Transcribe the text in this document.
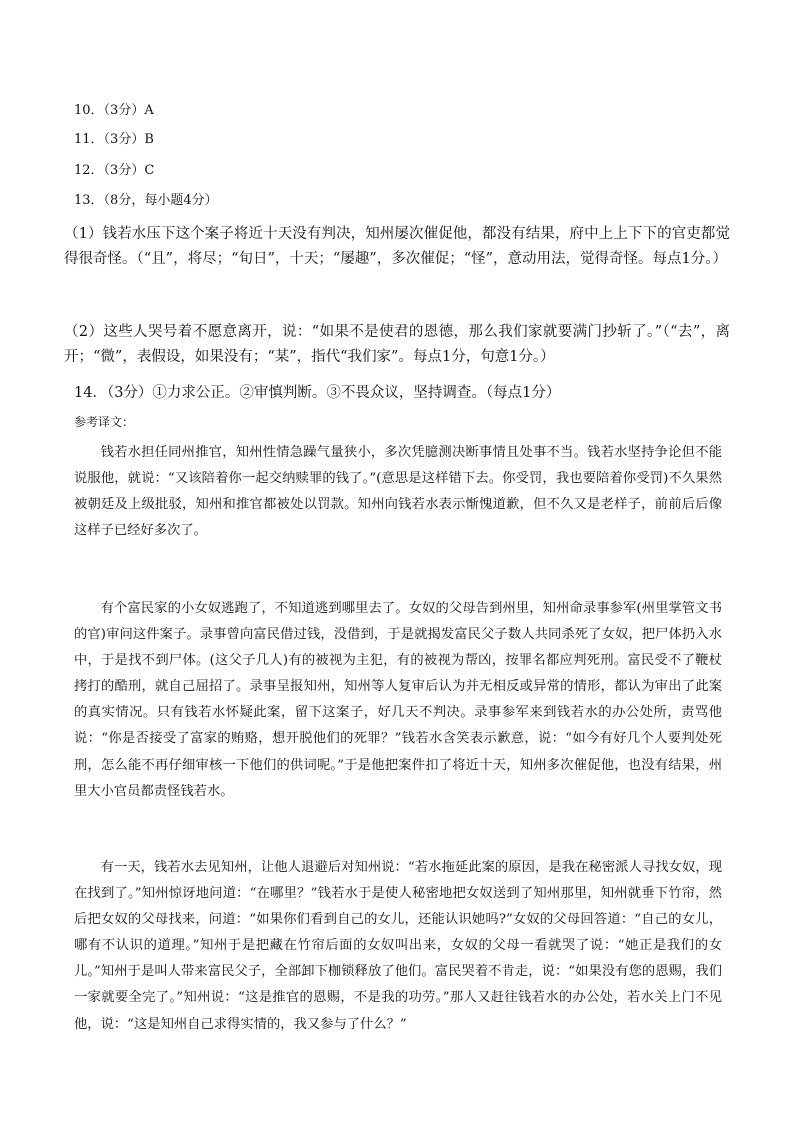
10．（3分）A
11．（3分）B
12．（3分）C
13．（8分，每小题4分）

（1）钱若水压下这个案子将近十天没有判决，知州屡次催促他，都没有结果，府中上上下下的官吏都觉得很奇怪。（“且”，将尽；“旬日”，十天；“屡趣”，多次催促；“怪”，意动用法，觉得奇怪。每点1分。）

（2）这些人哭号着不愿意离开，说：“如果不是使君的恩德，那么我们家就要满门抄斩了。”（“去”，离开；“微”，表假设，如果没有；“某”，指代“我们家”。每点1分，句意1分。）

14．（3分）①力求公正。②审慎判断。③不畏众议，坚持调查。（每点1分）
参考译文：

钱若水担任同州推官，知州性情急躁气量狭小，多次凭臆测决断事情且处事不当。钱若水坚持争论但不能说服他，就说：“又该陪着你一起交纳赎罪的钱了。”(意思是这样错下去。你受罚，我也要陪着你受罚)不久果然被朝廷及上级批驳，知州和推官都被处以罚款。知州向钱若水表示惭愧道歉，但不久又是老样子，前前后后像这样子已经好多次了。

有个富民家的小女奴逃跑了，不知道逃到哪里去了。女奴的父母告到州里，知州命录事参军(州里掌管文书的官)审问这件案子。录事曾向富民借过钱，没借到，于是就揭发富民父子数人共同杀死了女奴，把尸体扔入水中，于是找不到尸体。(这父子几人)有的被视为主犯，有的被视为帮凶，按罪名都应判死刑。富民受不了鞭杖拷打的酷刑，就自己屈招了。录事呈报知州，知州等人复审后认为并无相反或异常的情形，都认为审出了此案的真实情况。只有钱若水怀疑此案，留下这案子，好几天不判决。录事参军来到钱若水的办公处所，责骂他说：“你是否接受了富家的贿赂，想开脱他们的死罪？”钱若水含笑表示歉意，说：“如今有好几个人要判处死刑，怎么能不再仔细审核一下他们的供词呢。”于是他把案件扣了将近十天，知州多次催促他，也没有结果，州里大小官员都责怪钱若水。

有一天，钱若水去见知州，让他人退避后对知州说：“若水拖延此案的原因，是我在秘密派人寻找女奴，现在找到了。”知州惊讶地问道：“在哪里？”钱若水于是使人秘密地把女奴送到了知州那里，知州就垂下竹帘，然后把女奴的父母找来，问道：“如果你们看到自己的女儿，还能认识她吗?”女奴的父母回答道：“自己的女儿，哪有不认识的道理。”知州于是把藏在竹帘后面的女奴叫出来，女奴的父母一看就哭了说：“她正是我们的女儿。”知州于是叫人带来富民父子，全部卸下枷锁释放了他们。富民哭着不肯走，说：“如果没有您的恩赐，我们一家就要全完了。”知州说：“这是推官的恩赐，不是我的功劳。”那人又赶往钱若水的办公处，若水关上门不见他，说：“这是知州自己求得实情的，我又参与了什么？”
